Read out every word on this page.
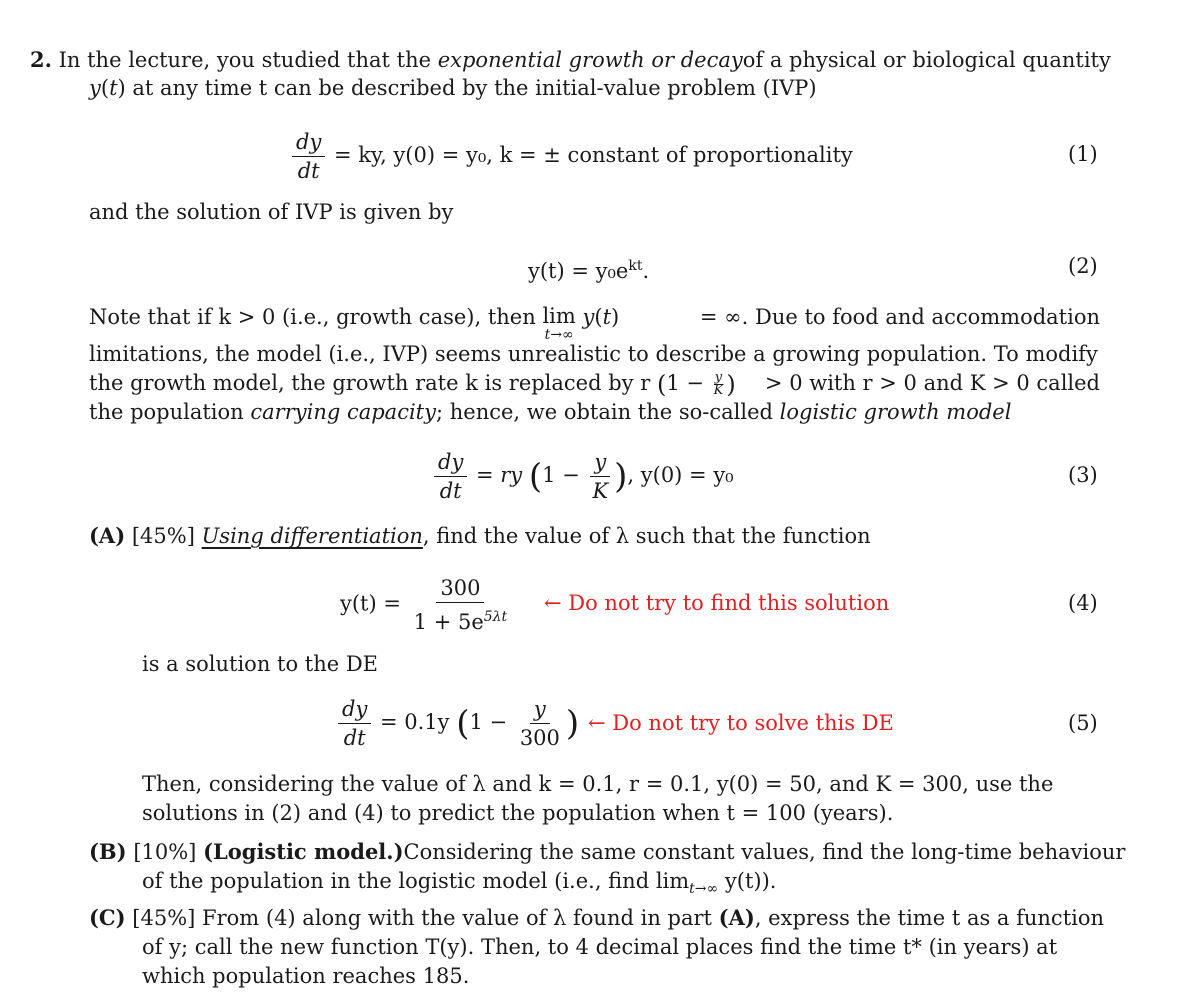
2. In the lecture, you studied that the exponential growth or decay of a physical or biological quantity
y(t) at any time t can be described by the initial-value problem (IVP)
$\frac{dy}{dt}$ = ky, y(0) = y₀, k = ± constant of proportionality	(1)
and the solution of IVP is given by
$y(t) = y_0e^{kt}$.	(2)
Note that if k > 0 (i.e., growth case), then lim
t→∞
y(t)	= ∞. Due to food and accommodation
limitations, the model (i.e., IVP) seems unrealistic to describe a growing population. To modify
the growth model, the growth rate k is replaced by r ($1 - \frac{y}{K}$ ) > 0 with r > 0 and K > 0 called
the population carrying capacity; hence, we obtain the so-called logistic growth model
$\frac{dy}{dt}$ = ry ($1 - \frac{y}{K}$ ), y(0) = y₀	(3)
(A) [45%] Using differentiation, find the value of λ such that the function
$y(t) = \frac{300}{1 + 5e^{5\lambda t}}$ ← Do not try to find this solution	(4)
is a solution to the DE
$\frac{dy}{dt} = 0.1y$ ($1 - \frac{y}{300}$ ) ← Do not try to solve this DE	(5)
Then, considering the value of λ and k = 0.1, r = 0.1, y(0) = 50, and K = 300, use the
solutions in (2) and (4) to predict the population when t = 100 (years).
(B) [10%] (Logistic model.) Considering the same constant values, find the long-time behaviour
of the population in the logistic model (i.e., find $\lim_{t\to\infty} y(t)$).
(C) [45%] From (4) along with the value of λ found in part (A), express the time t as a function
of y; call the new function T(y). Then, to 4 decimal places find the time t* (in years) at
which population reaches 185.
